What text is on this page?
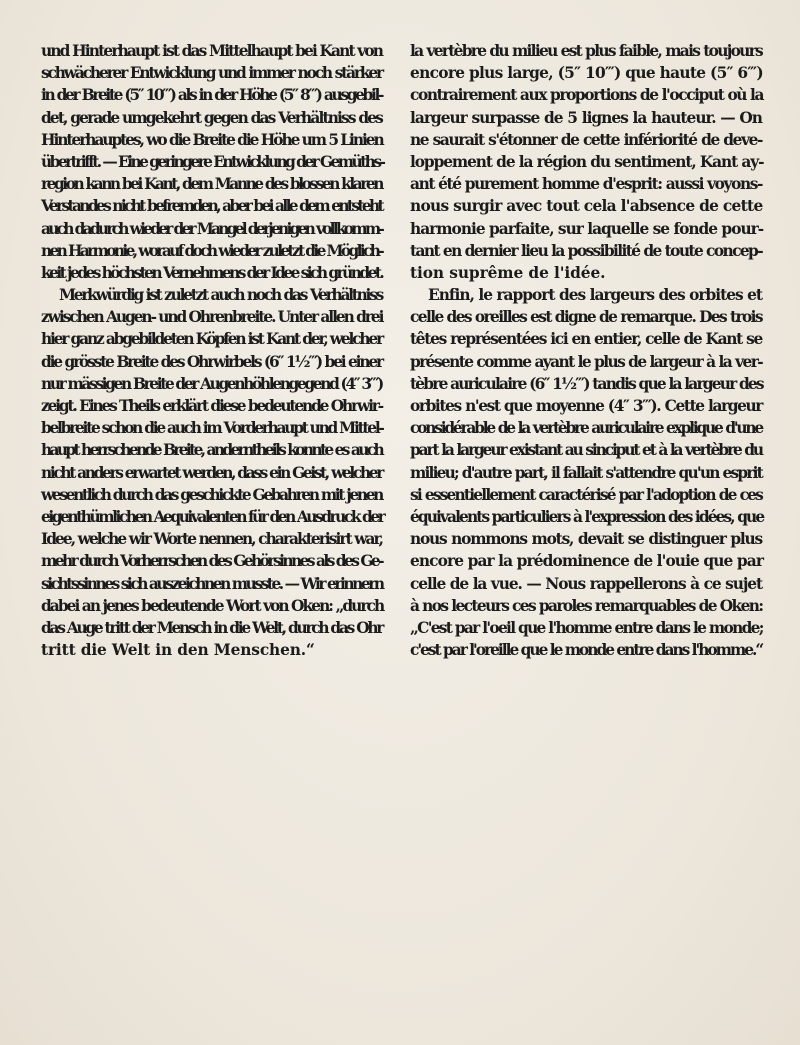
und Hinterhaupt ist das Mittelhaupt bei Kant von
schwächerer Entwicklung und immer noch stärker
in der Breite (5″ 10‴) als in der Höhe (5″ 8‴) ausgebil-
det, gerade umgekehrt gegen das Verhältniss des
Hinterhauptes, wo die Breite die Höhe um 5 Linien
übertrifft. — Eine geringere Entwicklung der Gemüths-
region kann bei Kant, dem Manne des blossen klaren
Verstandes nicht befremden, aber bei alle dem entsteht
auch dadurch wieder der Mangel derjenigen vollkomm-
nen Harmonie, worauf doch wieder zuletzt die Möglich-
keit jedes höchsten Vernehmens der Idee sich gründet.
Merkwürdig ist zuletzt auch noch das Verhältniss
zwischen Augen- und Ohrenbreite. Unter allen drei
hier ganz abgebildeten Köpfen ist Kant der, welcher
die grösste Breite des Ohrwirbels (6″ 1½‴) bei einer
nur mässigen Breite der Augenhöhlengegend (4″ 3‴)
zeigt. Eines Theils erklärt diese bedeutende Ohrwir-
belbreite schon die auch im Vorderhaupt und Mittel-
haupt herrschende Breite, anderntheils konnte es auch
nicht anders erwartet werden, dass ein Geist, welcher
wesentlich durch das geschickte Gebahren mit jenen
eigenthümlichen Aequivalenten für den Ausdruck der
Idee, welche wir Worte nennen, charakterisirt war,
mehr durch Vorherrschen des Gehörsinnes als des Ge-
sichtssinnes sich auszeichnen musste. — Wir erinnern
dabei an jenes bedeutende Wort von Oken: „durch
das Auge tritt der Mensch in die Welt, durch das Ohr
tritt die Welt in den Menschen.“
la vertèbre du milieu est plus faible, mais toujours
encore plus large, (5″ 10‴) que haute (5″ 6‴)
contrairement aux proportions de l'occiput où la
largeur surpasse de 5 lignes la hauteur. — On
ne saurait s'étonner de cette infériorité de deve-
loppement de la région du sentiment, Kant ay-
ant été purement homme d'esprit: aussi voyons-
nous surgir avec tout cela l'absence de cette
harmonie parfaite, sur laquelle se fonde pour-
tant en dernier lieu la possibilité de toute concep-
tion suprême de l'idée.
Enfin, le rapport des largeurs des orbites et
celle des oreilles est digne de remarque. Des trois
têtes représentées ici en entier, celle de Kant se
présente comme ayant le plus de largeur à la ver-
tèbre auriculaire (6″ 1½‴) tandis que la largeur des
orbites n'est que moyenne (4″ 3‴). Cette largeur
considérable de la vertèbre auriculaire explique d'une
part la largeur existant au sinciput et à la vertèbre du
milieu; d'autre part, il fallait s'attendre qu'un esprit
si essentiellement caractérisé par l'adoption de ces
équivalents particuliers à l'expression des idées, que
nous nommons mots, devait se distinguer plus
encore par la prédominence de l'ouie que par
celle de la vue. — Nous rappellerons à ce sujet
à nos lecteurs ces paroles remarquables de Oken:
„C'est par l'oeil que l'homme entre dans le monde;
c'est par l'oreille que le monde entre dans l'homme.“
